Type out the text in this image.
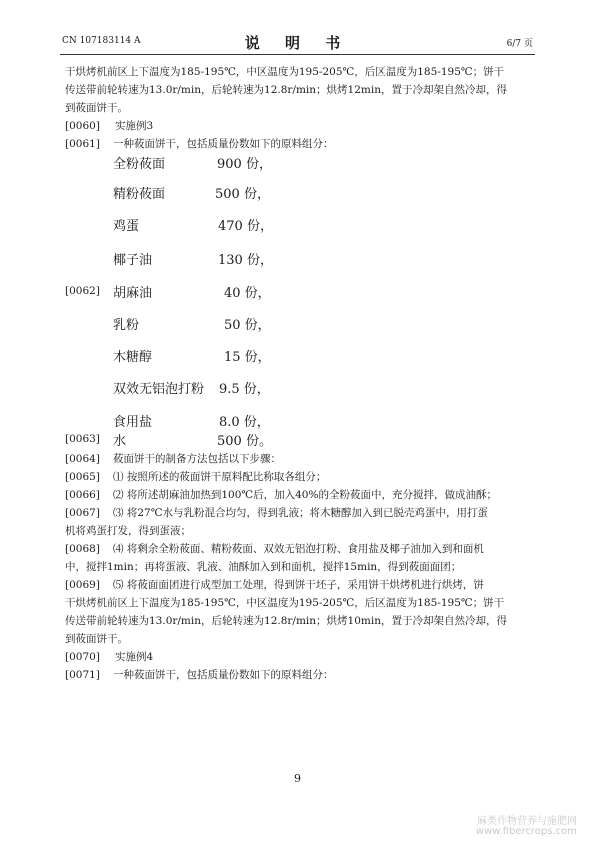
CN 107183114 A	说 明 书	6/7 页
干烘烤机前区上下温度为185-195℃，中区温度为195-205℃，后区温度为185-195℃；饼干
传送带前轮转速为13.0r/min，后轮转速为12.8r/min；烘烤12min，置于冷却架自然冷却，得
到莜面饼干。
[0060] 实施例3
[0061] 一种莜面饼干，包括质量份数如下的原料组分：
全粉莜面	900 份，
精粉莜面	500 份，
鸡蛋	470 份，
椰子油	130 份，
[0062] 胡麻油	40 份，
乳粉	50 份，
木糖醇	15 份，
双效无铝泡打粉 9.5 份，
食用盐	8.0 份，
[0063] 水	500 份。
[0064] 莜面饼干的制备方法包括以下步骤：
[0065] ⑴ 按照所述的莜面饼干原料配比称取各组分；
[0066] ⑵ 将所述胡麻油加热到100℃后，加入40%的全粉莜面中，充分搅拌，做成油酥；
[0067] ⑶ 将27℃水与乳粉混合均匀，得到乳液；将木糖醇加入到已脱壳鸡蛋中，用打蛋
机将鸡蛋打发，得到蛋液；
[0068] ⑷ 将剩余全粉莜面、精粉莜面、双效无铝泡打粉、食用盐及椰子油加入到和面机
中，搅拌1min；再将蛋液、乳液、油酥加入到和面机，搅拌15min，得到莜面面团；
[0069] ⑸ 将莜面面团进行成型加工处理，得到饼干坯子，采用饼干烘烤机进行烘烤，饼
干烘烤机前区上下温度为185-195℃，中区温度为195-205℃，后区温度为185-195℃；饼干
传送带前轮转速为13.0r/min，后轮转速为12.8r/min；烘烤10min，置于冷却架自然冷却，得
到莜面饼干。
[0070] 实施例4
[0071] 一种莜面饼干，包括质量份数如下的原料组分：
9
麻类作物营养与施肥网
www.fibercrops.com
